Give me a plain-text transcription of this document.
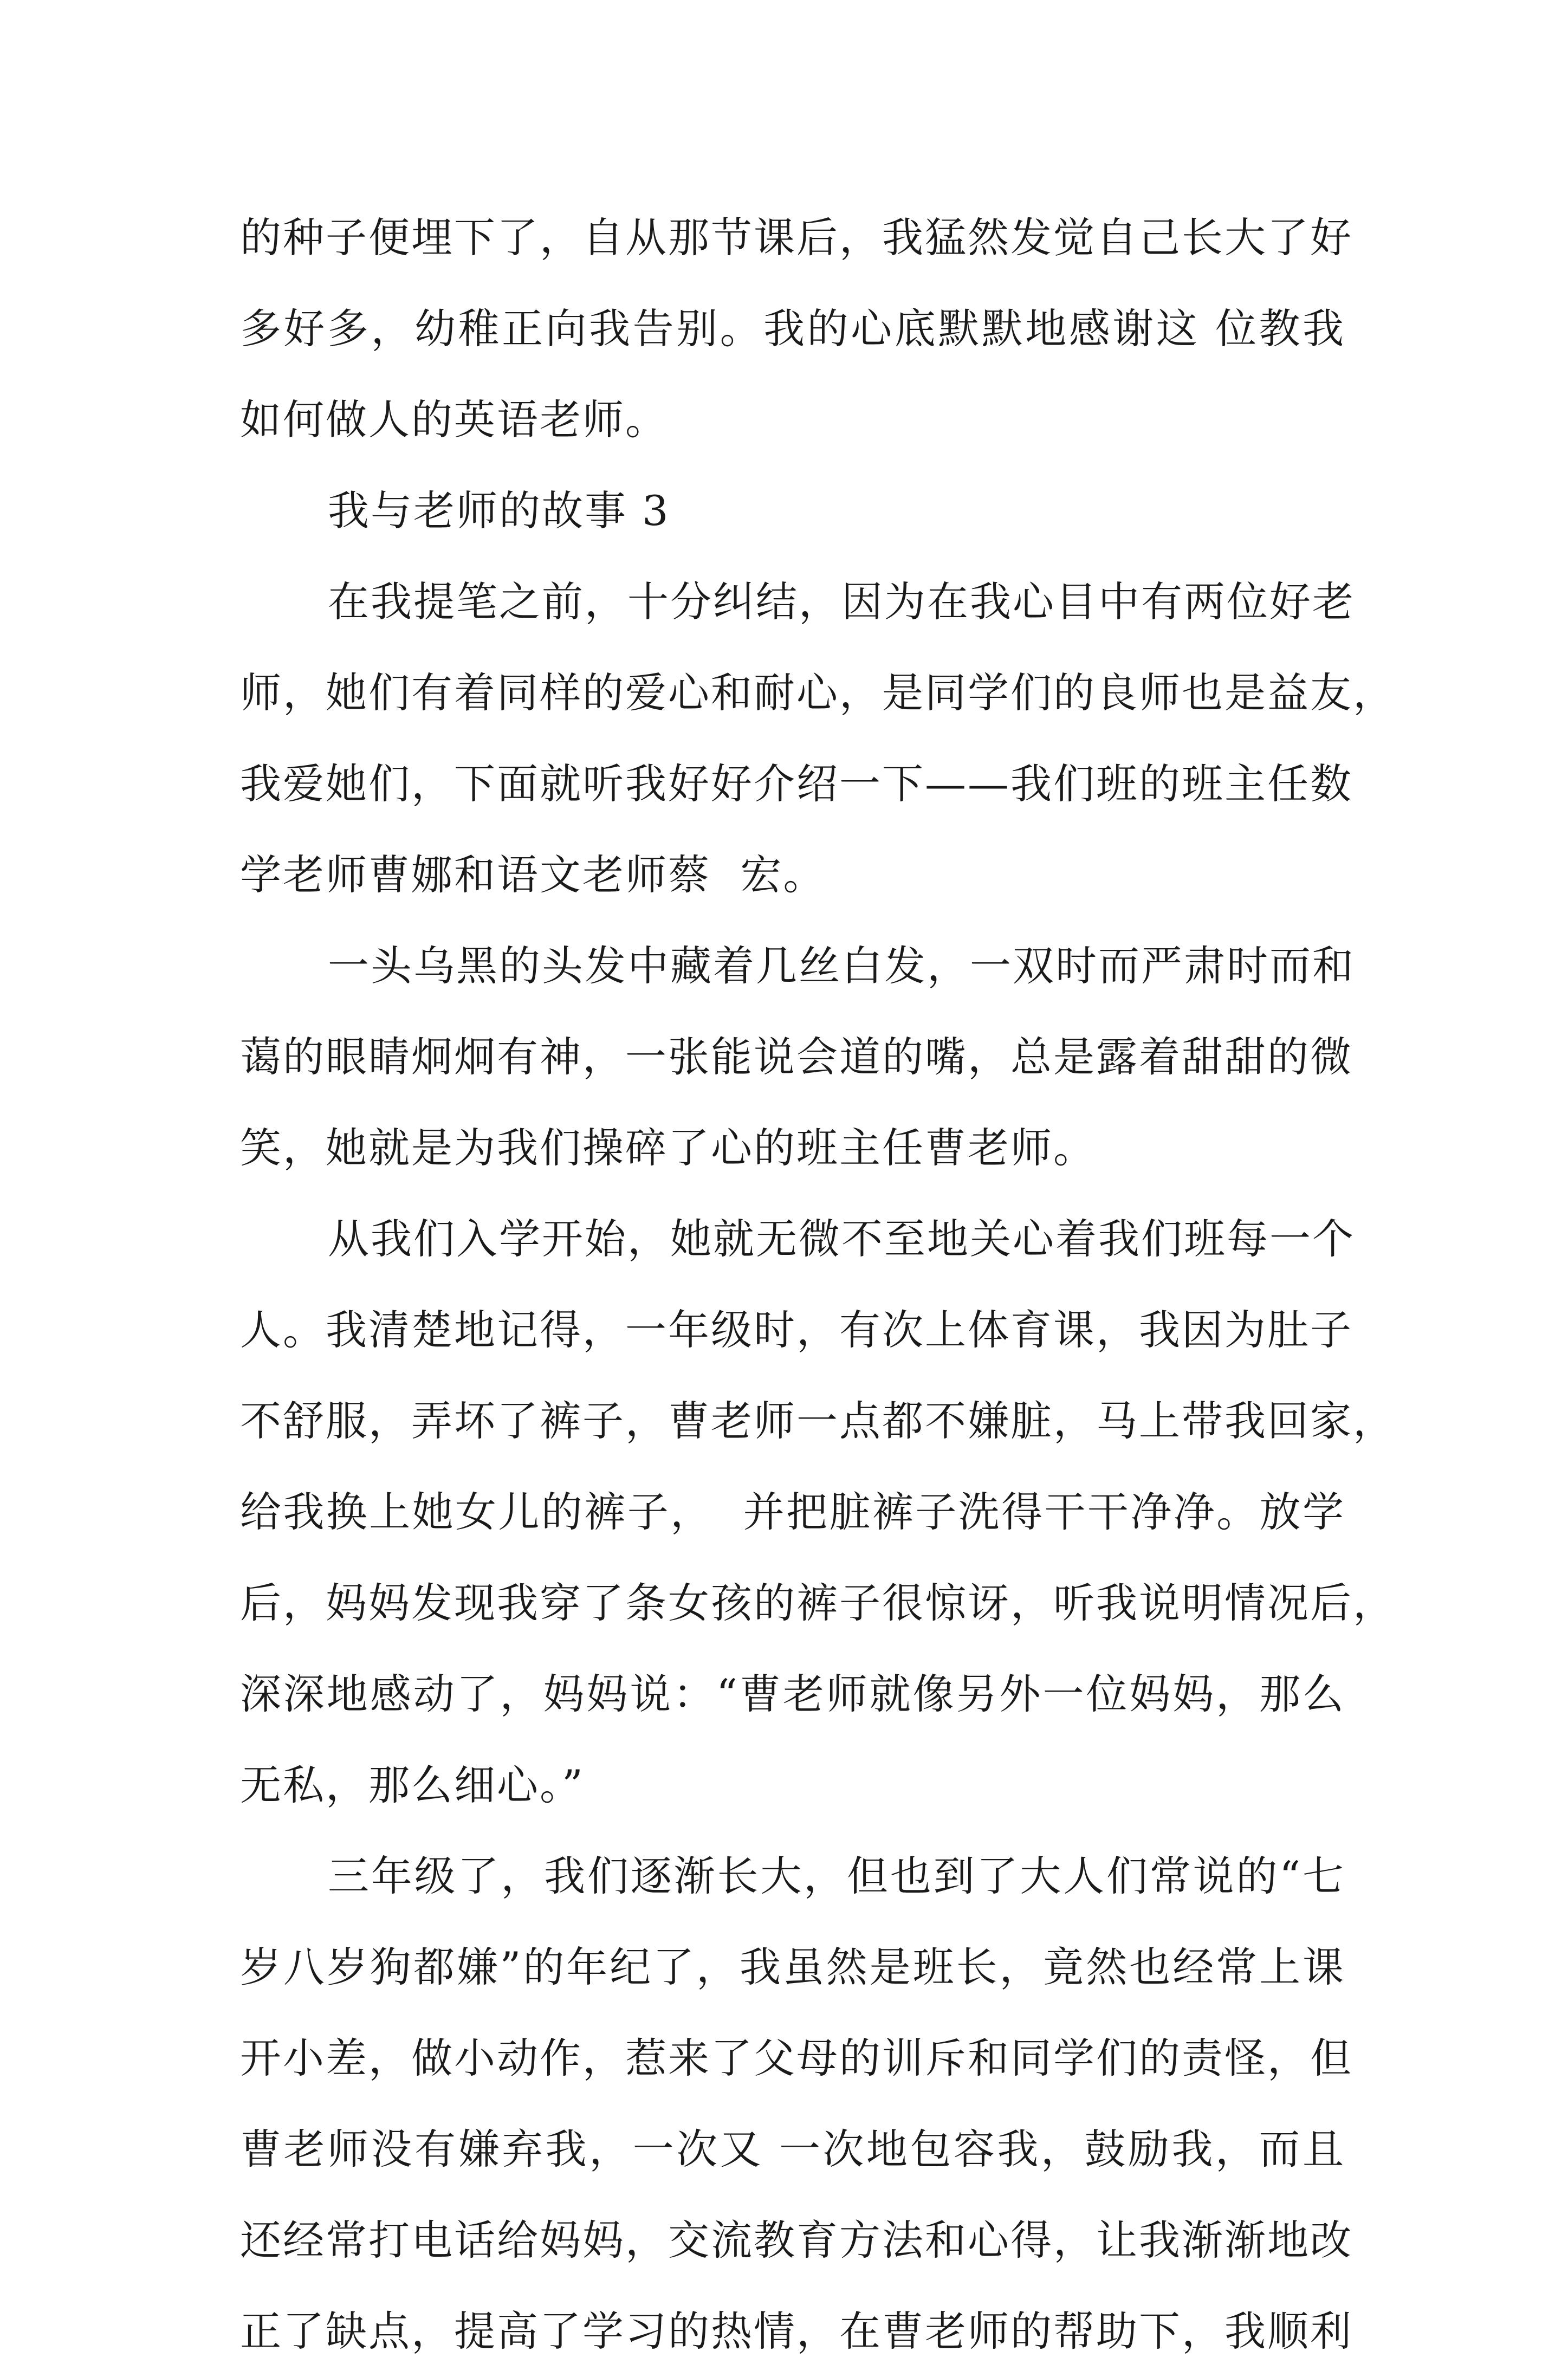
的种子便埋下了，自从那节课后，我猛然发觉自己长大了好
多好多，幼稚正向我告别。我的心底默默地感谢这 位教我
如何做人的英语老师。
我与老师的故事 3
在我提笔之前，十分纠结，因为在我心目中有两位好老
师，她们有着同样的爱心和耐心，是同学们的良师也是益友，
我爱她们，下面就听我好好介绍一下——我们班的班主任数
学老师曹娜和语文老师蔡  宏。
一头乌黑的头发中藏着几丝白发，一双时而严肃时而和
蔼的眼睛炯炯有神，一张能说会道的嘴，总是露着甜甜的微
笑，她就是为我们操碎了心的班主任曹老师。
从我们入学开始，她就无微不至地关心着我们班每一个
人。我清楚地记得，一年级时，有次上体育课，我因为肚子
不舒服，弄坏了裤子，曹老师一点都不嫌脏，马上带我回家，
给我换上她女儿的裤子，  并把脏裤子洗得干干净净。放学
后，妈妈发现我穿了条女孩的裤子很惊讶，听我说明情况后，
深深地感动了，妈妈说：“曹老师就像另外一位妈妈，那么
无私，那么细心。”
三年级了，我们逐渐长大，但也到了大人们常说的“七
岁八岁狗都嫌”的年纪了，我虽然是班长，竟然也经常上课
开小差，做小动作，惹来了父母的训斥和同学们的责怪，但
曹老师没有嫌弃我，一次又 一次地包容我，鼓励我，而且
还经常打电话给妈妈，交流教育方法和心得，让我渐渐地改
正了缺点，提高了学习的热情，在曹老师的帮助下，我顺利
